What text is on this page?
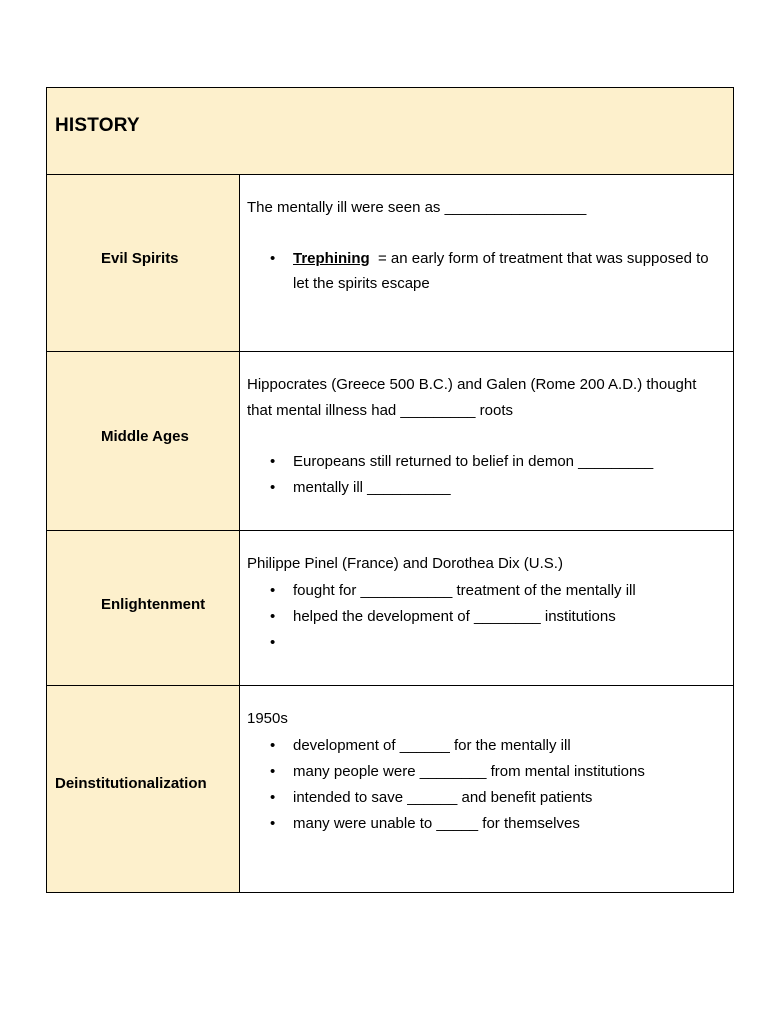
HISTORY
Evil Spirits
The mentally ill were seen as _________________
• Trephining  = an early form of treatment that was supposed to
let the spirits escape
Middle Ages
Hippocrates (Greece 500 B.C.) and Galen (Rome 200 A.D.) thought
that mental illness had _________ roots
• Europeans still returned to belief in demon _________
• mentally ill __________
Enlightenment
Philippe Pinel (France) and Dorothea Dix (U.S.)
• fought for ___________ treatment of the mentally ill
• helped the development of ________ institutions
•
Deinstitutionalization
1950s
• development of ______ for the mentally ill
• many people were ________ from mental institutions
• intended to save ______ and benefit patients
• many were unable to _____ for themselves
